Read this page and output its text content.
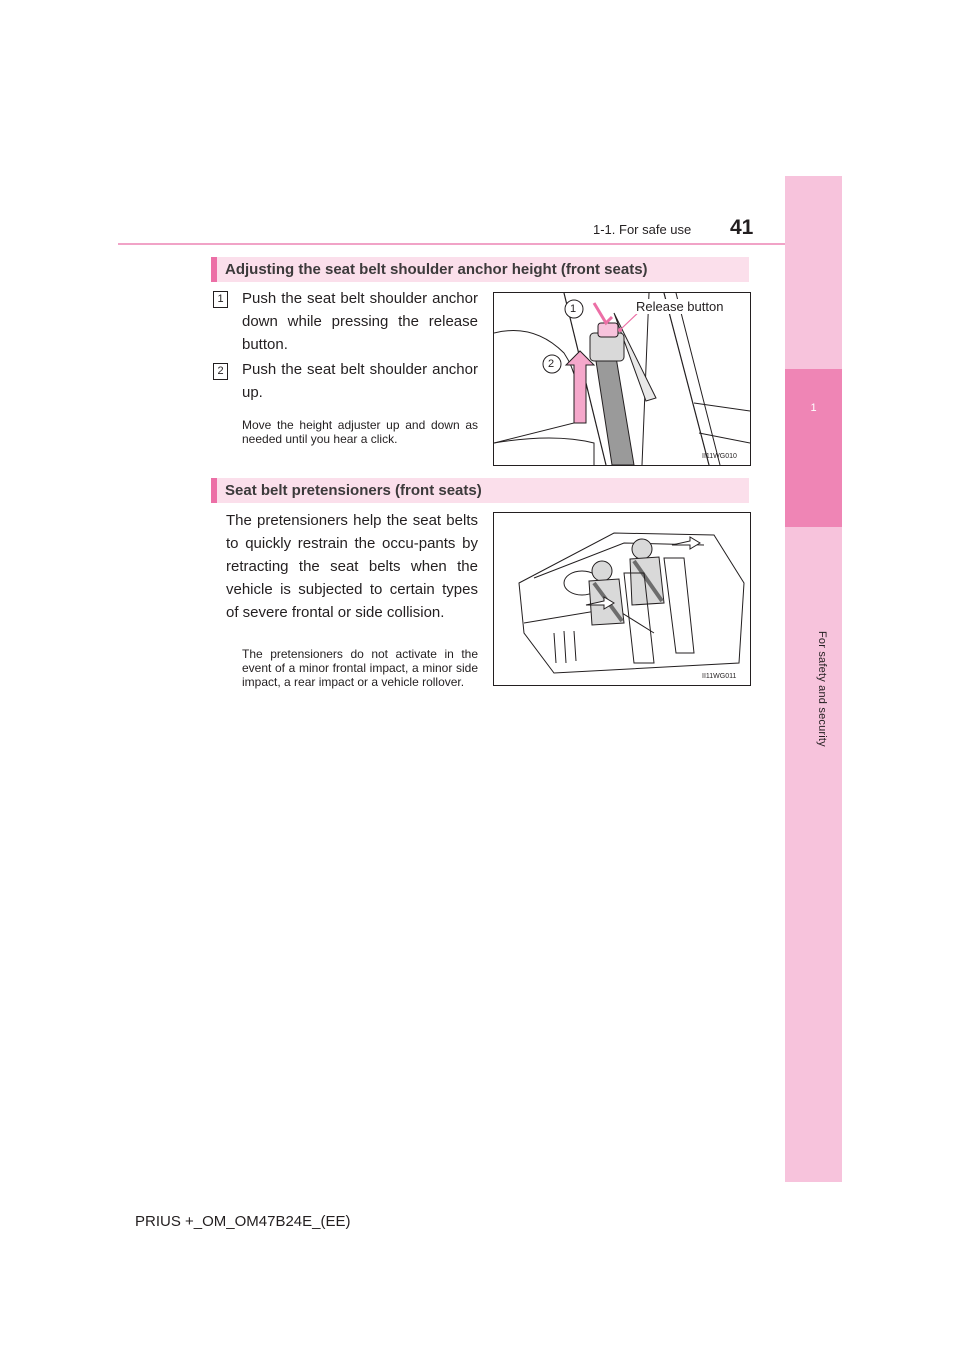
1
For safety and security
1-1. For safe use 41
Adjusting the seat belt shoulder anchor height (front seats)
1 Push the seat belt shoulder anchor down while pressing the release button.
2 Push the seat belt shoulder anchor up.
Move the height adjuster up and down as needed until you hear a click.
Release button
1
2
II11WG010
Seat belt pretensioners (front seats)
The pretensioners help the seat belts to quickly restrain the occu-pants by retracting the seat belts when the vehicle is subjected to certain types of severe frontal or side collision.
The pretensioners do not activate in the event of a minor frontal impact, a minor side impact, a rear impact or a vehicle rollover.	II11WG011
PRIUS +_OM_OM47B24E_(EE)
